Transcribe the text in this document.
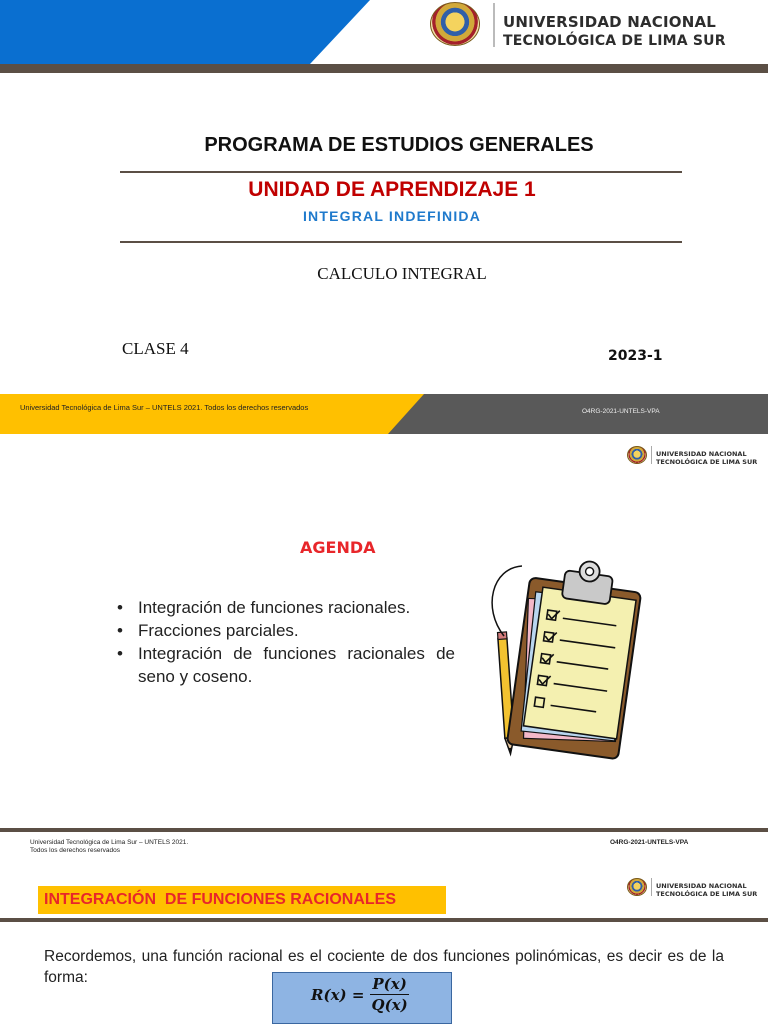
UNIVERSIDAD NACIONAL
TECNOLÓGICA DE LIMA SUR
PROGRAMA DE ESTUDIOS GENERALES
UNIDAD DE APRENDIZAJE 1
INTEGRAL INDEFINIDA
CALCULO INTEGRAL
CLASE 4	2023-1
Universidad Tecnológica de Lima Sur – UNTELS 2021. Todos los derechos reservados	O4RG-2021-UNTELS-VPA
UNIVERSIDAD NACIONAL
TECNOLÓGICA DE LIMA SUR
AGENDA
• Integración de funciones racionales.
• Fracciones parciales.
• Integración de funciones racionales de seno y coseno.
Universidad Tecnológica de Lima Sur – UNTELS 2021.
Todos los derechos reservados
O4RG-2021-UNTELS-VPA
INTEGRACIÓN  DE FUNCIONES RACIONALES
UNIVERSIDAD NACIONAL
TECNOLÓGICA DE LIMA SUR
Recordemos, una función racional es el cociente de dos funciones polinómicas, es decir es de la forma:
$R(x) = \frac{P(x)}{Q(x)}$
